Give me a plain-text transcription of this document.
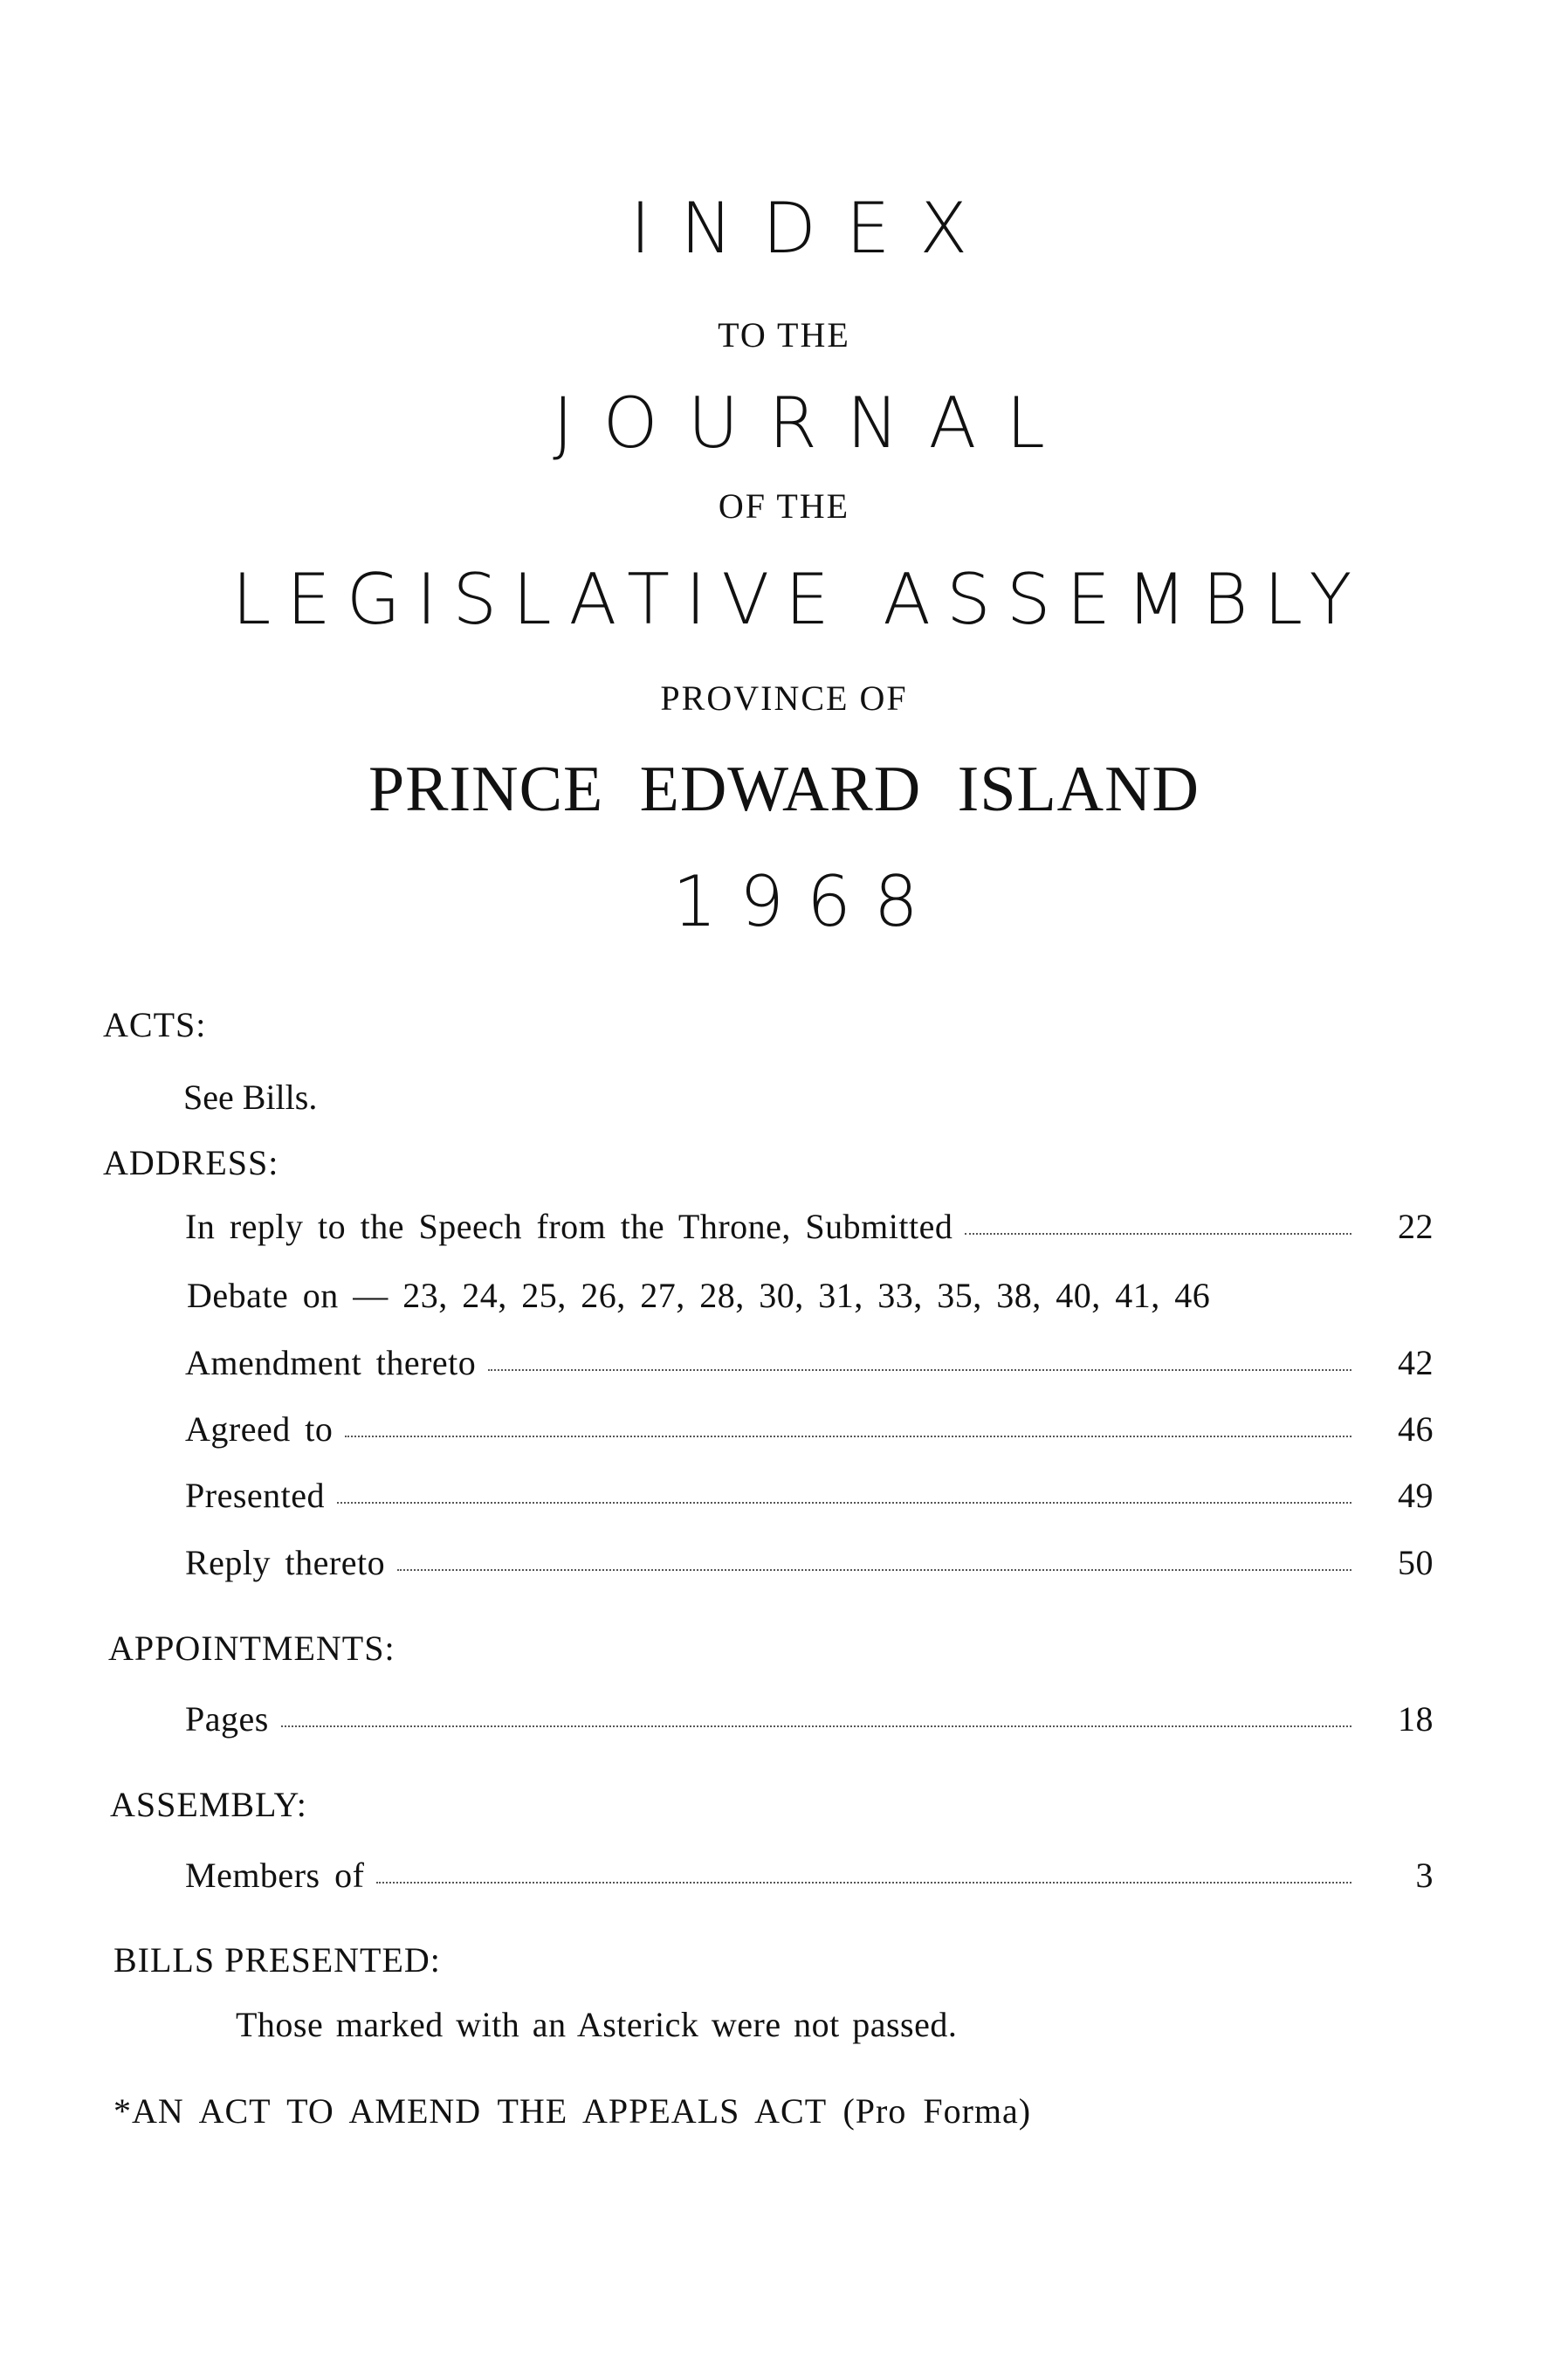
INDEX
TO THE
JOURNAL
OF THE
LEGISLATIVE ASSEMBLY
PROVINCE OF
PRINCE EDWARD ISLAND
1968
ACTS:
See Bills.
ADDRESS:
In reply to the Speech from the Throne, Submitted	22
Debate on — 23, 24, 25, 26, 27, 28, 30, 31, 33, 35, 38, 40, 41, 46
Amendment thereto	42
Agreed to	46
Presented	49
Reply thereto	50
APPOINTMENTS:
Pages	18
ASSEMBLY:
Members of	3
BILLS PRESENTED:
Those marked with an Asterick were not passed.
*AN ACT TO AMEND THE APPEALS ACT (Pro Forma)
